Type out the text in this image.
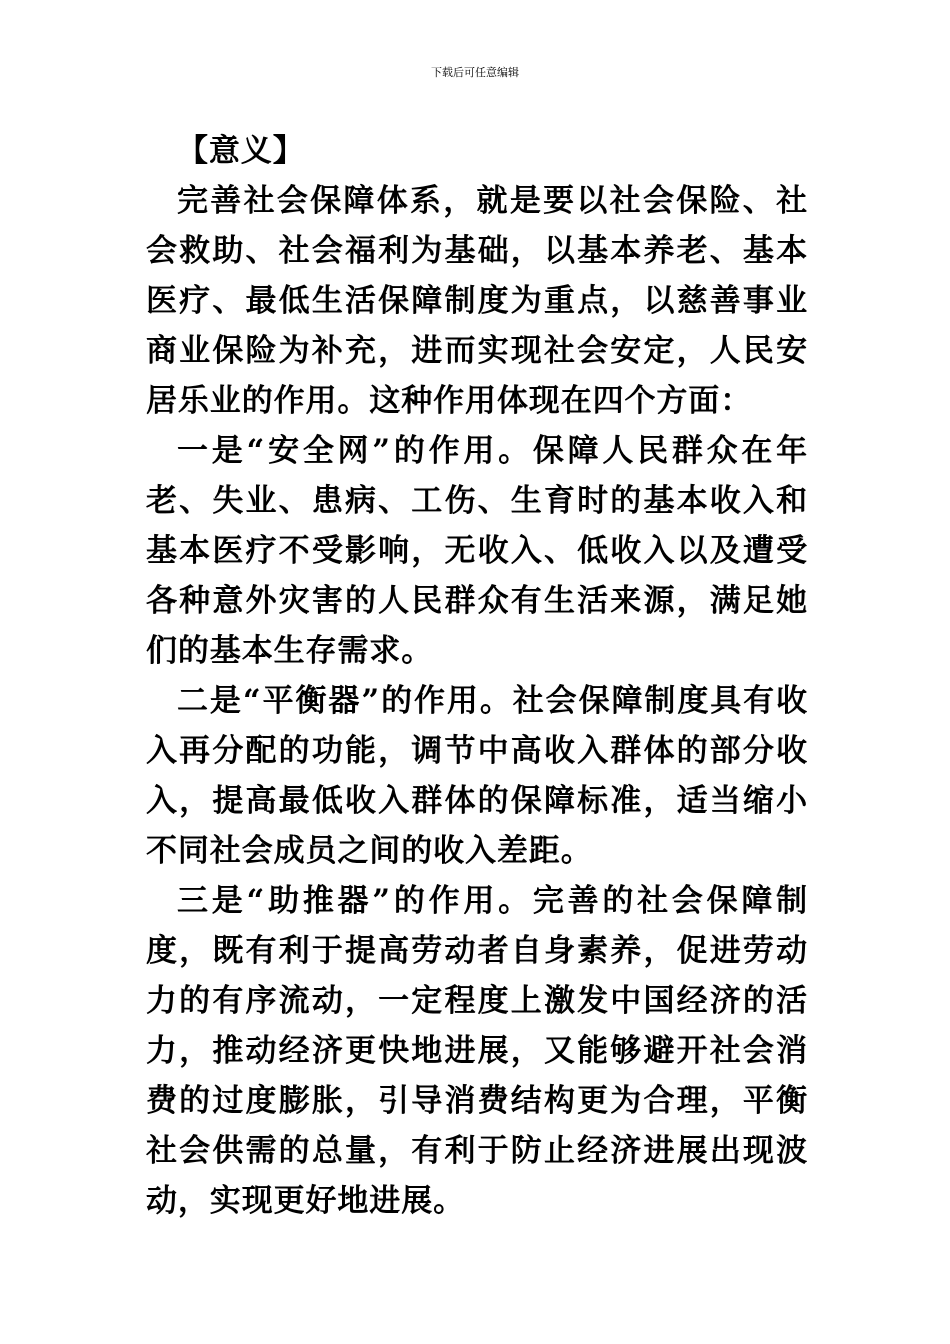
下载后可任意编辑

【意义】

完善社会保障体系，就是要以社会保险、社会救助、社会福利为基础，以基本养老、基本医疗、最低生活保障制度为重点，以慈善事业商业保险为补充，进而实现社会安定，人民安居乐业的作用。这种作用体现在四个方面：

一是“安全网”的作用。保障人民群众在年老、失业、患病、工伤、生育时的基本收入和基本医疗不受影响，无收入、低收入以及遭受各种意外灾害的人民群众有生活来源，满足她们的基本生存需求。

二是“平衡器”的作用。社会保障制度具有收入再分配的功能，调节中高收入群体的部分收入，提高最低收入群体的保障标准，适当缩小不同社会成员之间的收入差距。

三是“助推器”的作用。完善的社会保障制度，既有利于提高劳动者自身素养，促进劳动力的有序流动，一定程度上激发中国经济的活力，推动经济更快地进展，又能够避开社会消费的过度膨胀，引导消费结构更为合理，平衡社会供需的总量，有利于防止经济进展出现波动，实现更好地进展。
